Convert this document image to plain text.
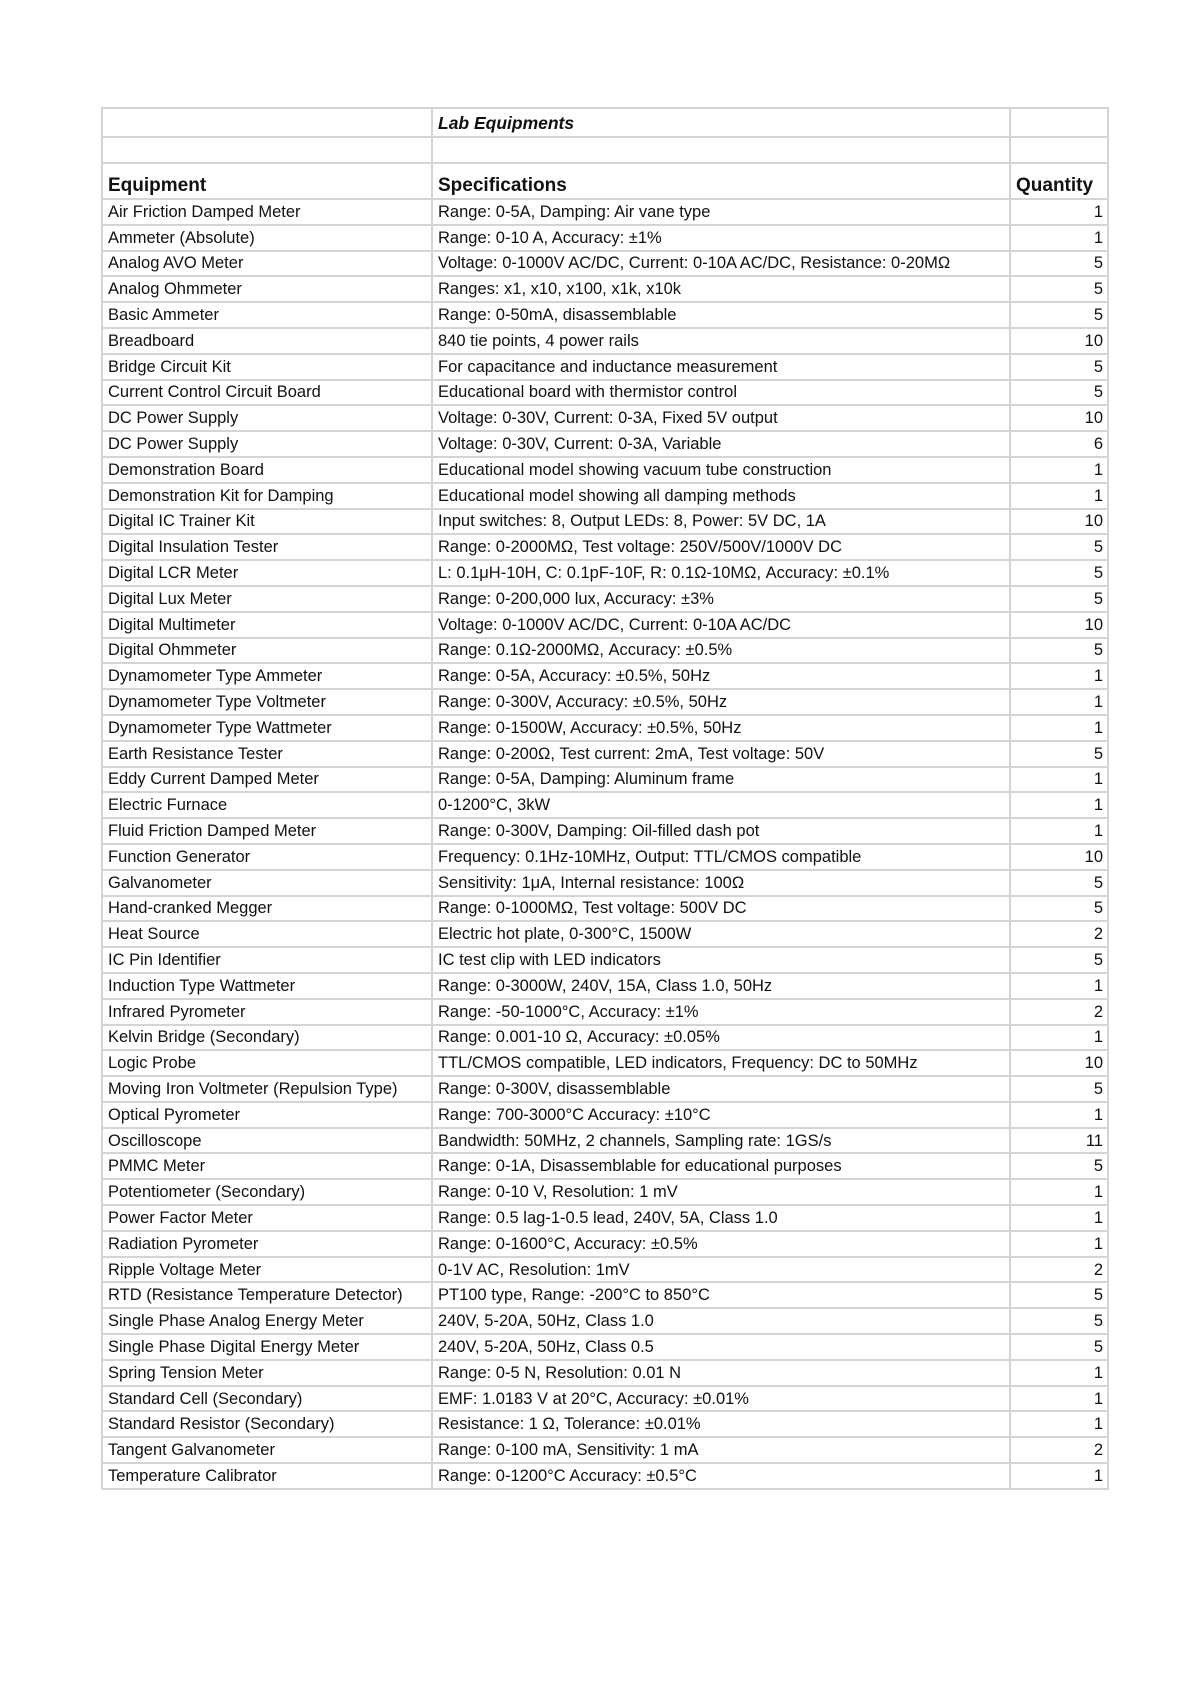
	Lab Equipments	

Equipment	Specifications	Quantity
Air Friction Damped Meter	Range: 0-5A, Damping: Air vane type	1
Ammeter (Absolute)	Range: 0-10 A, Accuracy: ±1%	1
Analog AVO Meter	Voltage: 0-1000V AC/DC, Current: 0-10A AC/DC, Resistance: 0-20MΩ	5
Analog Ohmmeter	Ranges: x1, x10, x100, x1k, x10k	5
Basic Ammeter	Range: 0-50mA, disassemblable	5
Breadboard	840 tie points, 4 power rails	10
Bridge Circuit Kit	For capacitance and inductance measurement	5
Current Control Circuit Board	Educational board with thermistor control	5
DC Power Supply	Voltage: 0-30V, Current: 0-3A, Fixed 5V output	10
DC Power Supply	Voltage: 0-30V, Current: 0-3A, Variable	6
Demonstration Board	Educational model showing vacuum tube construction	1
Demonstration Kit for Damping	Educational model showing all damping methods	1
Digital IC Trainer Kit	Input switches: 8, Output LEDs: 8, Power: 5V DC, 1A	10
Digital Insulation Tester	Range: 0-2000MΩ, Test voltage: 250V/500V/1000V DC	5
Digital LCR Meter	L: 0.1μH-10H, C: 0.1pF-10F, R: 0.1Ω-10MΩ, Accuracy: ±0.1%	5
Digital Lux Meter	Range: 0-200,000 lux, Accuracy: ±3%	5
Digital Multimeter	Voltage: 0-1000V AC/DC, Current: 0-10A AC/DC	10
Digital Ohmmeter	Range: 0.1Ω-2000MΩ, Accuracy: ±0.5%	5
Dynamometer Type Ammeter	Range: 0-5A, Accuracy: ±0.5%, 50Hz	1
Dynamometer Type Voltmeter	Range: 0-300V, Accuracy: ±0.5%, 50Hz	1
Dynamometer Type Wattmeter	Range: 0-1500W, Accuracy: ±0.5%, 50Hz	1
Earth Resistance Tester	Range: 0-200Ω, Test current: 2mA, Test voltage: 50V	5
Eddy Current Damped Meter	Range: 0-5A, Damping: Aluminum frame	1
Electric Furnace	0-1200°C, 3kW	1
Fluid Friction Damped Meter	Range: 0-300V, Damping: Oil-filled dash pot	1
Function Generator	Frequency: 0.1Hz-10MHz, Output: TTL/CMOS compatible	10
Galvanometer	Sensitivity: 1μA, Internal resistance: 100Ω	5
Hand-cranked Megger	Range: 0-1000MΩ, Test voltage: 500V DC	5
Heat Source	Electric hot plate, 0-300°C, 1500W	2
IC Pin Identifier	IC test clip with LED indicators	5
Induction Type Wattmeter	Range: 0-3000W, 240V, 15A, Class 1.0, 50Hz	1
Infrared Pyrometer	Range: -50-1000°C, Accuracy: ±1%	2
Kelvin Bridge (Secondary)	Range: 0.001-10 Ω, Accuracy: ±0.05%	1
Logic Probe	TTL/CMOS compatible, LED indicators, Frequency: DC to 50MHz	10
Moving Iron Voltmeter (Repulsion Type)	Range: 0-300V, disassemblable	5
Optical Pyrometer	Range: 700-3000°C Accuracy: ±10°C	1
Oscilloscope	Bandwidth: 50MHz, 2 channels, Sampling rate: 1GS/s	11
PMMC Meter	Range: 0-1A, Disassemblable for educational purposes	5
Potentiometer (Secondary)	Range: 0-10 V, Resolution: 1 mV	1
Power Factor Meter	Range: 0.5 lag-1-0.5 lead, 240V, 5A, Class 1.0	1
Radiation Pyrometer	Range: 0-1600°C, Accuracy: ±0.5%	1
Ripple Voltage Meter	0-1V AC, Resolution: 1mV	2
RTD (Resistance Temperature Detector)	PT100 type, Range: -200°C to 850°C	5
Single Phase Analog Energy Meter	240V, 5-20A, 50Hz, Class 1.0	5
Single Phase Digital Energy Meter	240V, 5-20A, 50Hz, Class 0.5	5
Spring Tension Meter	Range: 0-5 N, Resolution: 0.01 N	1
Standard Cell (Secondary)	EMF: 1.0183 V at 20°C, Accuracy: ±0.01%	1
Standard Resistor (Secondary)	Resistance: 1 Ω, Tolerance: ±0.01%	1
Tangent Galvanometer	Range: 0-100 mA, Sensitivity: 1 mA	2
Temperature Calibrator	Range: 0-1200°C Accuracy: ±0.5°C	1
